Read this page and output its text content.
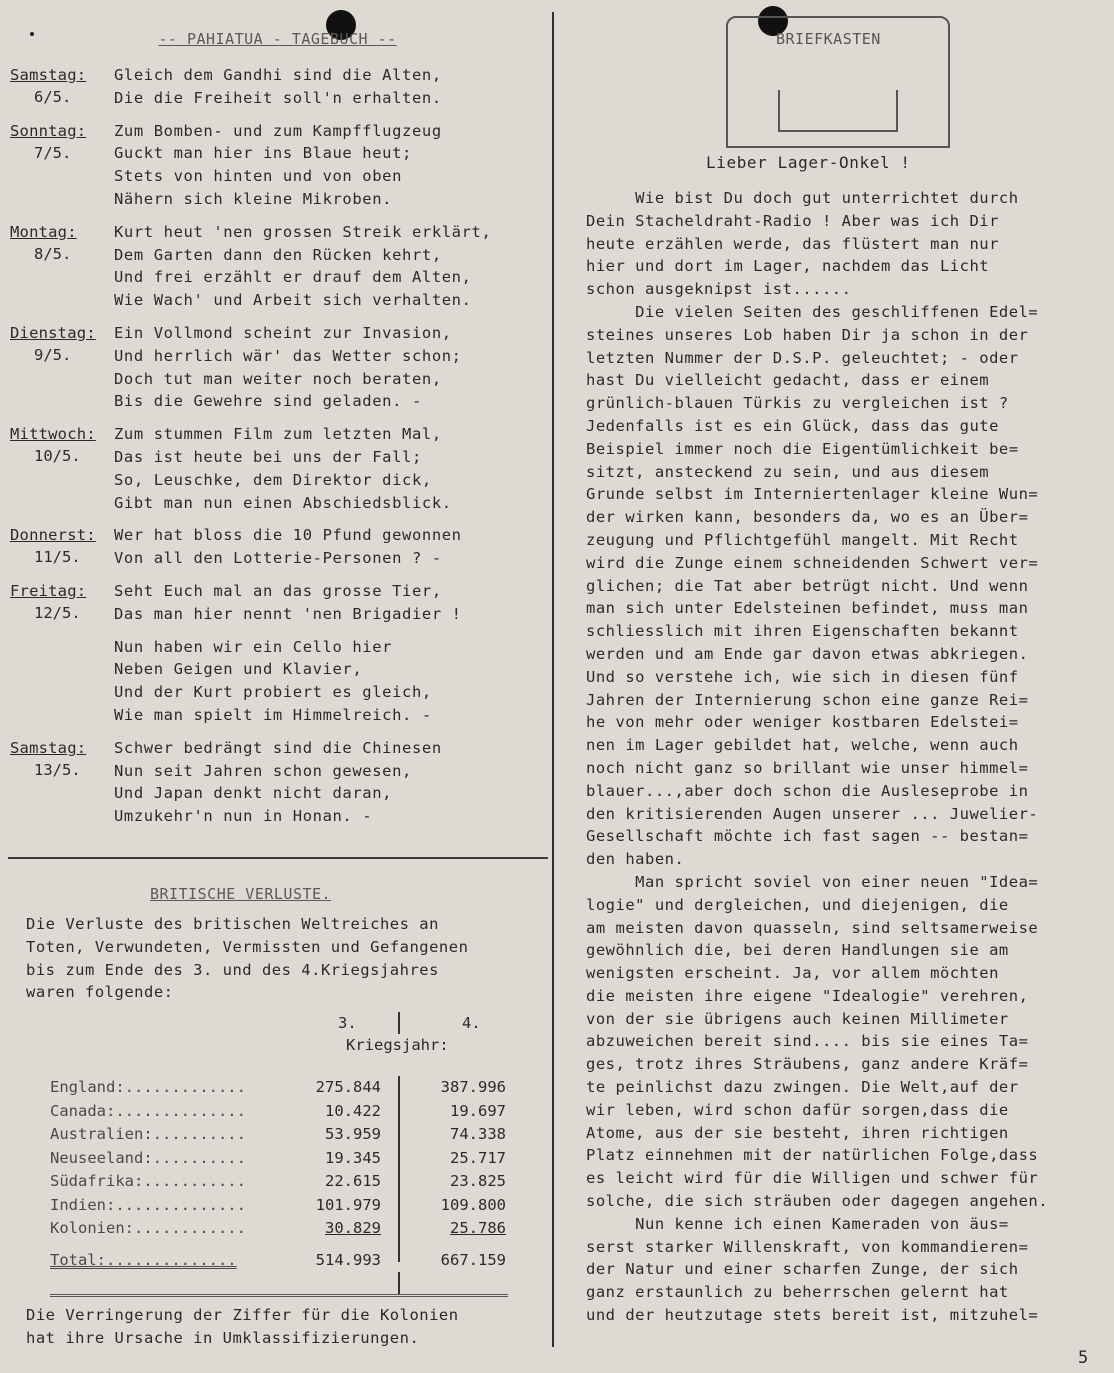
-- PAHIATUA - TAGEBUCH --
Samstag:
6/5.
Gleich dem Gandhi sind die Alten,
Die die Freiheit soll'n erhalten.
Sonntag:
7/5.
Zum Bomben- und zum Kampfflugzeug
Guckt man hier ins Blaue heut;
Stets von hinten und von oben
Nähern sich kleine Mikroben.
Montag:
8/5.
Kurt heut 'nen grossen Streik erklärt,
Dem Garten dann den Rücken kehrt,
Und frei erzählt er drauf dem Alten,
Wie Wach' und Arbeit sich verhalten.
Dienstag:
9/5.
Ein Vollmond scheint zur Invasion,
Und herrlich wär' das Wetter schon;
Doch tut man weiter noch beraten,
Bis die Gewehre sind geladen. -
Mittwoch:
10/5.
Zum stummen Film zum letzten Mal,
Das ist heute bei uns der Fall;
So, Leuschke, dem Direktor dick,
Gibt man nun einen Abschiedsblick.
Donnerst:
11/5.
Wer hat bloss die 10 Pfund gewonnen
Von all den Lotterie-Personen ? -
Freitag:
12/5.
Seht Euch mal an das grosse Tier,
Das man hier nennt 'nen Brigadier !
Nun haben wir ein Cello hier
Neben Geigen und Klavier,
Und der Kurt probiert es gleich,
Wie man spielt im Himmelreich. -
Samstag:
13/5.
Schwer bedrängt sind die Chinesen
Nun seit Jahren schon gewesen,
Und Japan denkt nicht daran,
Umzukehr'n nun in Honan. -
BRITISCHE VERLUSTE.

Die Verluste des britischen Weltreiches an

Toten, Verwundeten, Vermissten und Gefangenen

bis zum Ende des 3. und des 4.Kriegsjahres

waren folgende:

3.	4.
Kriegsjahr:
England:.............	275.844	387.996
Canada:..............	10.422	19.697
Australien:..........	53.959	74.338
Neuseeland:..........	19.345	25.717
Südafrika:...........	22.615	23.825
Indien:..............	101.979	109.800
Kolonien:............	30.829	25.786
Total:..............	514.993	667.159
Die Verringerung der Ziffer für die Kolonien
hat ihre Ursache in Umklassifizierungen.
BRIEFKASTEN
Lieber Lager-Onkel !

Wie bist Du doch gut unterrichtet durch

Dein Stacheldraht-Radio ! Aber was ich Dir

heute erzählen werde, das flüstert man nur

hier und dort im Lager, nachdem das Licht

schon ausgeknipst ist......

Die vielen Seiten des geschliffenen Edel=

steines unseres Lob haben Dir ja schon in der

letzten Nummer der D.S.P. geleuchtet; - oder

hast Du vielleicht gedacht, dass er einem

grünlich-blauen Türkis zu vergleichen ist ?

Jedenfalls ist es ein Glück, dass das gute

Beispiel immer noch die Eigentümlichkeit be=

sitzt, ansteckend zu sein, und aus diesem

Grunde selbst im Interniertenlager kleine Wun=

der wirken kann, besonders da, wo es an Über=

zeugung und Pflichtgefühl mangelt. Mit Recht

wird die Zunge einem schneidenden Schwert ver=

glichen; die Tat aber betrügt nicht. Und wenn

man sich unter Edelsteinen befindet, muss man

schliesslich mit ihren Eigenschaften bekannt

werden und am Ende gar davon etwas abkriegen.

Und so verstehe ich, wie sich in diesen fünf

Jahren der Internierung schon eine ganze Rei=

he von mehr oder weniger kostbaren Edelstei=

nen im Lager gebildet hat, welche, wenn auch

noch nicht ganz so brillant wie unser himmel=

blauer...,aber doch schon die Ausleseprobe in

den kritisierenden Augen unserer ... Juwelier-

Gesellschaft möchte ich fast sagen -- bestan=

den haben.

Man spricht soviel von einer neuen "Idea=

logie" und dergleichen, und diejenigen, die

am meisten davon quasseln, sind seltsamerweise

gewöhnlich die, bei deren Handlungen sie am

wenigsten erscheint. Ja, vor allem möchten

die meisten ihre eigene "Idealogie" verehren,

von der sie übrigens auch keinen Millimeter

abzuweichen bereit sind.... bis sie eines Ta=

ges, trotz ihres Sträubens, ganz andere Kräf=

te peinlichst dazu zwingen. Die Welt,auf der

wir leben, wird schon dafür sorgen,dass die

Atome, aus der sie besteht, ihren richtigen

Platz einnehmen mit der natürlichen Folge,dass

es leicht wird für die Willigen und schwer für

solche, die sich sträuben oder dagegen angehen.

Nun kenne ich einen Kameraden von äus=

serst starker Willenskraft, von kommandieren=

der Natur und einer scharfen Zunge, der sich

ganz erstaunlich zu beherrschen gelernt hat

und der heutzutage stets bereit ist, mitzuhel=

5
